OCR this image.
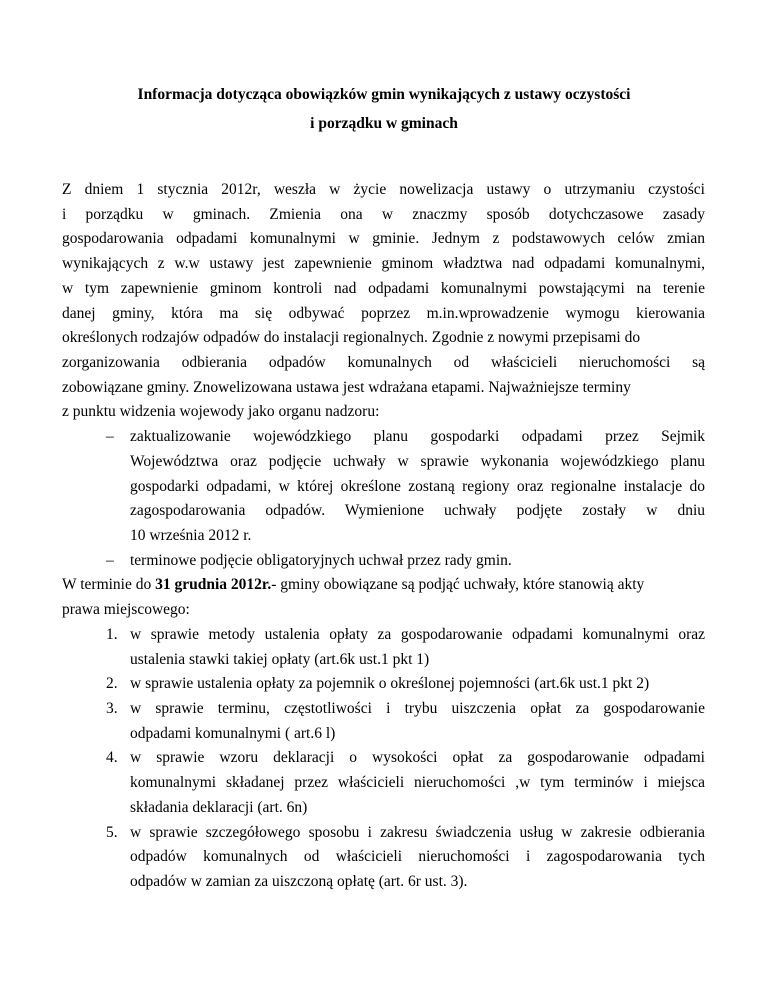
Informacja dotycząca obowiązków gmin wynikających z ustawy oczystości
i porządku w gminach
Z dniem 1 stycznia 2012r, weszła w życie nowelizacja ustawy o utrzymaniu czystości
i porządku w gminach. Zmienia ona w znaczmy sposób dotychczasowe zasady
gospodarowania odpadami komunalnymi w gminie. Jednym z podstawowych celów zmian
wynikających z w.w ustawy jest zapewnienie gminom władztwa nad odpadami komunalnymi,
w tym zapewnienie gminom kontroli nad odpadami komunalnymi powstającymi na terenie
danej gminy, która ma się odbywać poprzez m.in.wprowadzenie wymogu kierowania
określonych rodzajów odpadów do instalacji regionalnych. Zgodnie z nowymi przepisami do
zorganizowania odbierania odpadów komunalnych od właścicieli nieruchomości są
zobowiązane gminy. Znowelizowana ustawa jest wdrażana etapami. Najważniejsze terminy
z punktu widzenia wojewody jako organu nadzoru:
– zaktualizowanie wojewódzkiego planu gospodarki odpadami przez Sejmik
Województwa oraz podjęcie uchwały w sprawie wykonania wojewódzkiego planu
gospodarki odpadami, w której określone zostaną regiony oraz regionalne instalacje do
zagospodarowania odpadów. Wymienione uchwały podjęte zostały w dniu
10 września 2012 r.
– terminowe podjęcie obligatoryjnych uchwał przez rady gmin.
W terminie do 31 grudnia 2012r.- gminy obowiązane są podjąć uchwały, które stanowią akty
prawa miejscowego:
1. w sprawie metody ustalenia opłaty za gospodarowanie odpadami komunalnymi oraz
ustalenia stawki takiej opłaty (art.6k ust.1 pkt 1)
2. w sprawie ustalenia opłaty za pojemnik o określonej pojemności (art.6k ust.1 pkt 2)
3. w sprawie terminu, częstotliwości i trybu uiszczenia opłat za gospodarowanie
odpadami komunalnymi ( art.6 l)
4. w sprawie wzoru deklaracji o wysokości opłat za gospodarowanie odpadami
komunalnymi składanej przez właścicieli nieruchomości ,w tym terminów i miejsca
składania deklaracji (art. 6n)
5. w sprawie szczegółowego sposobu i zakresu świadczenia usług w zakresie odbierania
odpadów komunalnych od właścicieli nieruchomości i zagospodarowania tych
odpadów w zamian za uiszczoną opłatę (art. 6r ust. 3).
